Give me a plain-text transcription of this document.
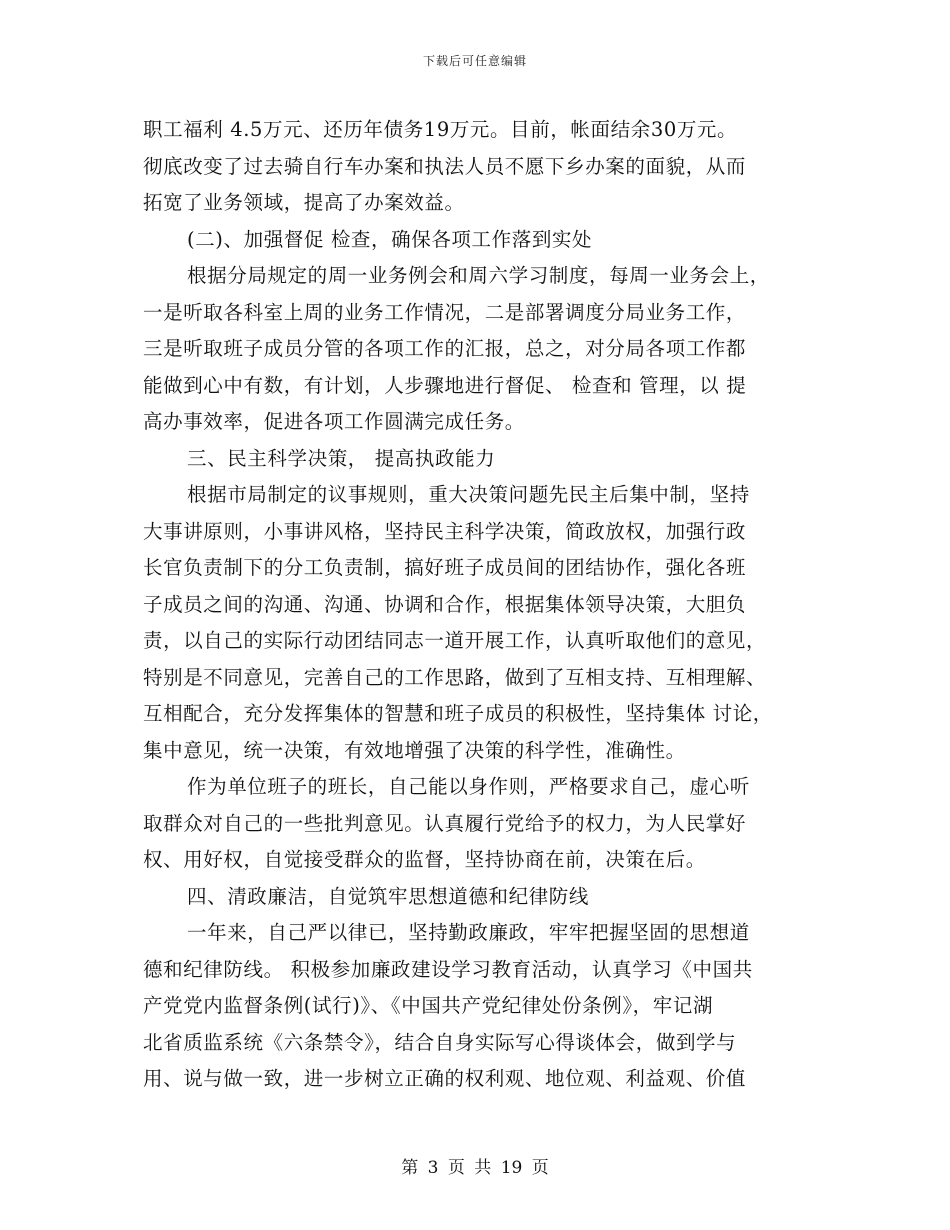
下载后可任意编辑
职工福利 4.5万元、还历年债务19万元。目前，帐面结余30万元。
彻底改变了过去骑自行车办案和执法人员不愿下乡办案的面貌，从而
拓宽了业务领域，提高了办案效益。
(二)、加强督促 检查，确保各项工作落到实处
根据分局规定的周一业务例会和周六学习制度，每周一业务会上，
一是听取各科室上周的业务工作情况，二是部署调度分局业务工作，
三是听取班子成员分管的各项工作的汇报，总之，对分局各项工作都
能做到心中有数，有计划，人步骤地进行督促、 检查和 管理，以 提
高办事效率，促进各项工作圆满完成任务。
三、民主科学决策， 提高执政能力
根据市局制定的议事规则，重大决策问题先民主后集中制，坚持
大事讲原则，小事讲风格，坚持民主科学决策，简政放权，加强行政
长官负责制下的分工负责制，搞好班子成员间的团结协作，强化各班
子成员之间的沟通、沟通、协调和合作，根据集体领导决策，大胆负
责，以自己的实际行动团结同志一道开展工作，认真听取他们的意见，
特别是不同意见，完善自己的工作思路，做到了互相支持、互相理解、
互相配合，充分发挥集体的智慧和班子成员的积极性，坚持集体 讨论，
集中意见，统一决策，有效地增强了决策的科学性，准确性。
作为单位班子的班长，自己能以身作则，严格要求自己，虚心听
取群众对自己的一些批判意见。认真履行党给予的权力，为人民掌好
权、用好权，自觉接受群众的监督，坚持协商在前，决策在后。
四、清政廉洁，自觉筑牢思想道德和纪律防线
一年来，自己严以律已，坚持勤政廉政，牢牢把握坚固的思想道
德和纪律防线。 积极参加廉政建设学习教育活动，认真学习《中国共
产党党内监督条例(试行)》、《中国共产党纪律处份条例》，牢记湖
北省质监系统《六条禁令》，结合自身实际写心得谈体会，做到学与
用、说与做一致，进一步树立正确的权利观、地位观、利益观、价值
第 3 页 共 19 页
